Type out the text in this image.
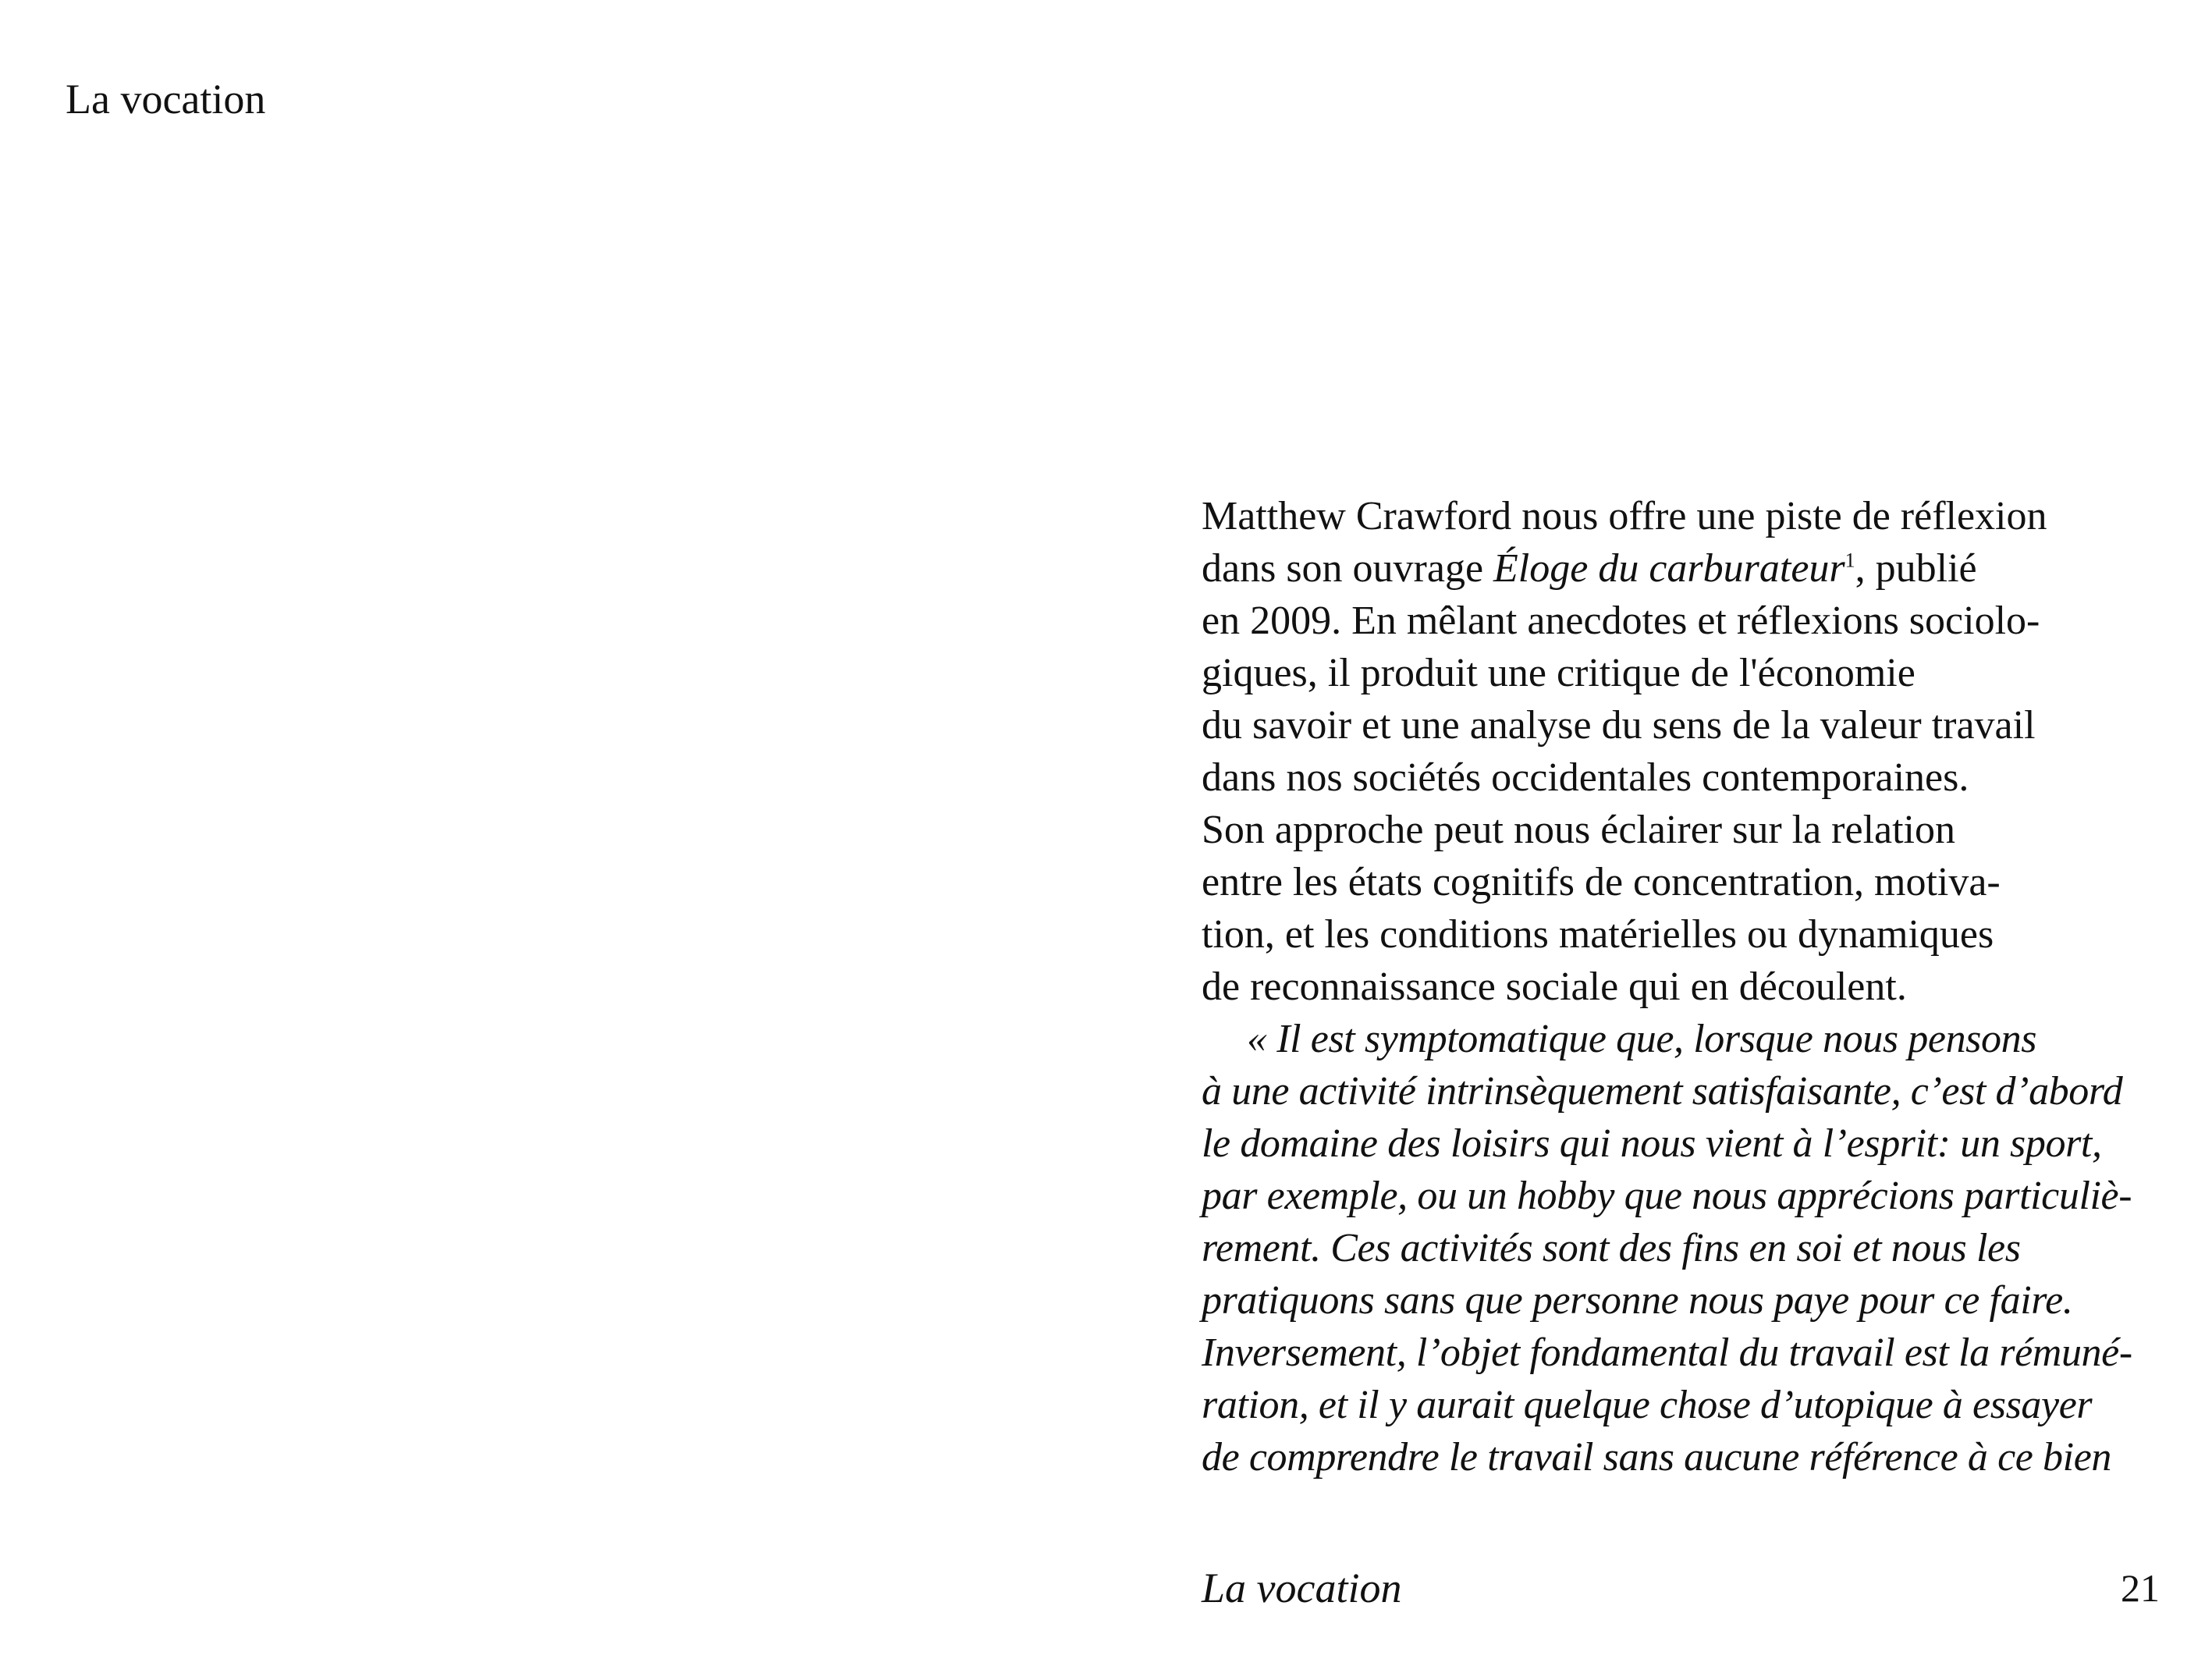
La vocation
Matthew Crawford nous offre une piste de réflexion
dans son ouvrage Éloge du carburateur$^1$, publié
en 2009. En mêlant anecdotes et réflexions sociolo-
giques, il produit une critique de l'économie
du savoir et une analyse du sens de la valeur travail
dans nos sociétés occidentales contemporaines.
Son approche peut nous éclairer sur la relation
entre les états cognitifs de concentration, motiva-
tion, et les conditions matérielles ou dynamiques
de reconnaissance sociale qui en découlent.
« Il est symptomatique que, lorsque nous pensons
à une activité intrinsèquement satisfaisante, c’est d’abord
le domaine des loisirs qui nous vient à l’esprit: un sport,
par exemple, ou un hobby que nous apprécions particuliè-
rement. Ces activités sont des fins en soi et nous les
pratiquons sans que personne nous paye pour ce faire.
Inversement, l’objet fondamental du travail est la rémuné-
ration, et il y aurait quelque chose d’utopique à essayer
de comprendre le travail sans aucune référence à ce bien
La vocation	21
